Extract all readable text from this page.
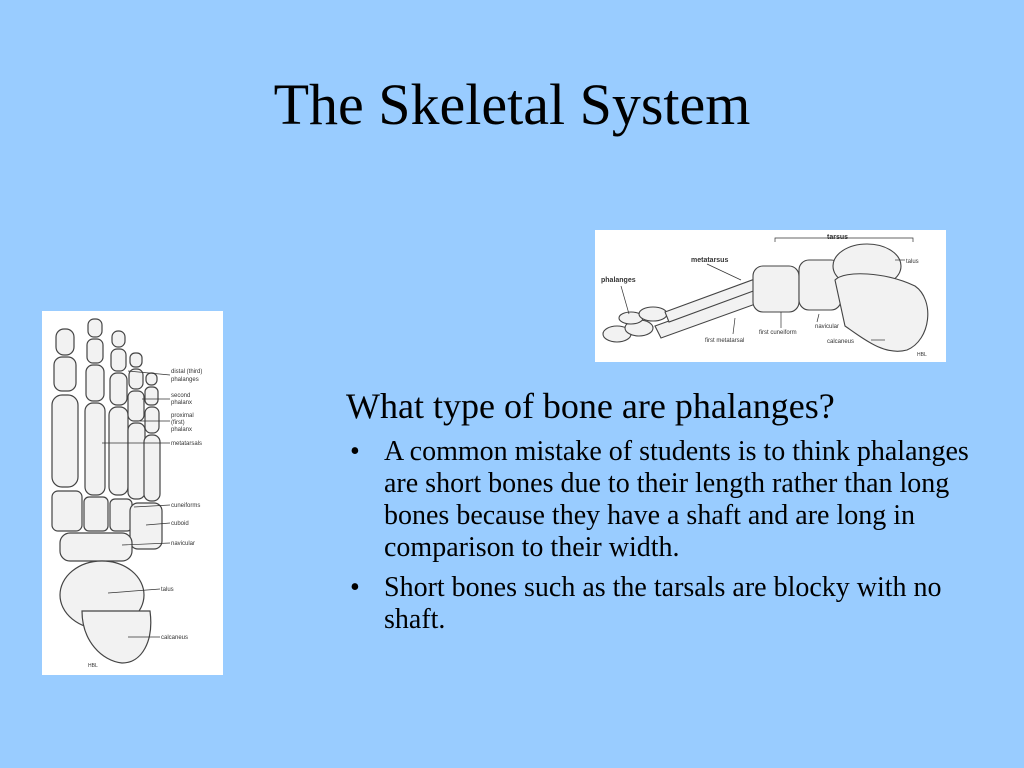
The Skeletal System
distal (third)
phalanges
second
phalanx
proximal
(first)
phalanx
metatarsals
cuneiforms
cuboid
navicular
talus
calcaneus
HBL
tarsus
metatarsus
phalanges
talus
navicular
first cuneiform
first metatarsal	calcaneus
HBL

What type of bone are phalanges?

• A common mistake of students is to think phalanges are short bones due to their length rather than long bones because they have a shaft and are long in comparison to their width.
• Short bones such as the tarsals are blocky with no shaft.
